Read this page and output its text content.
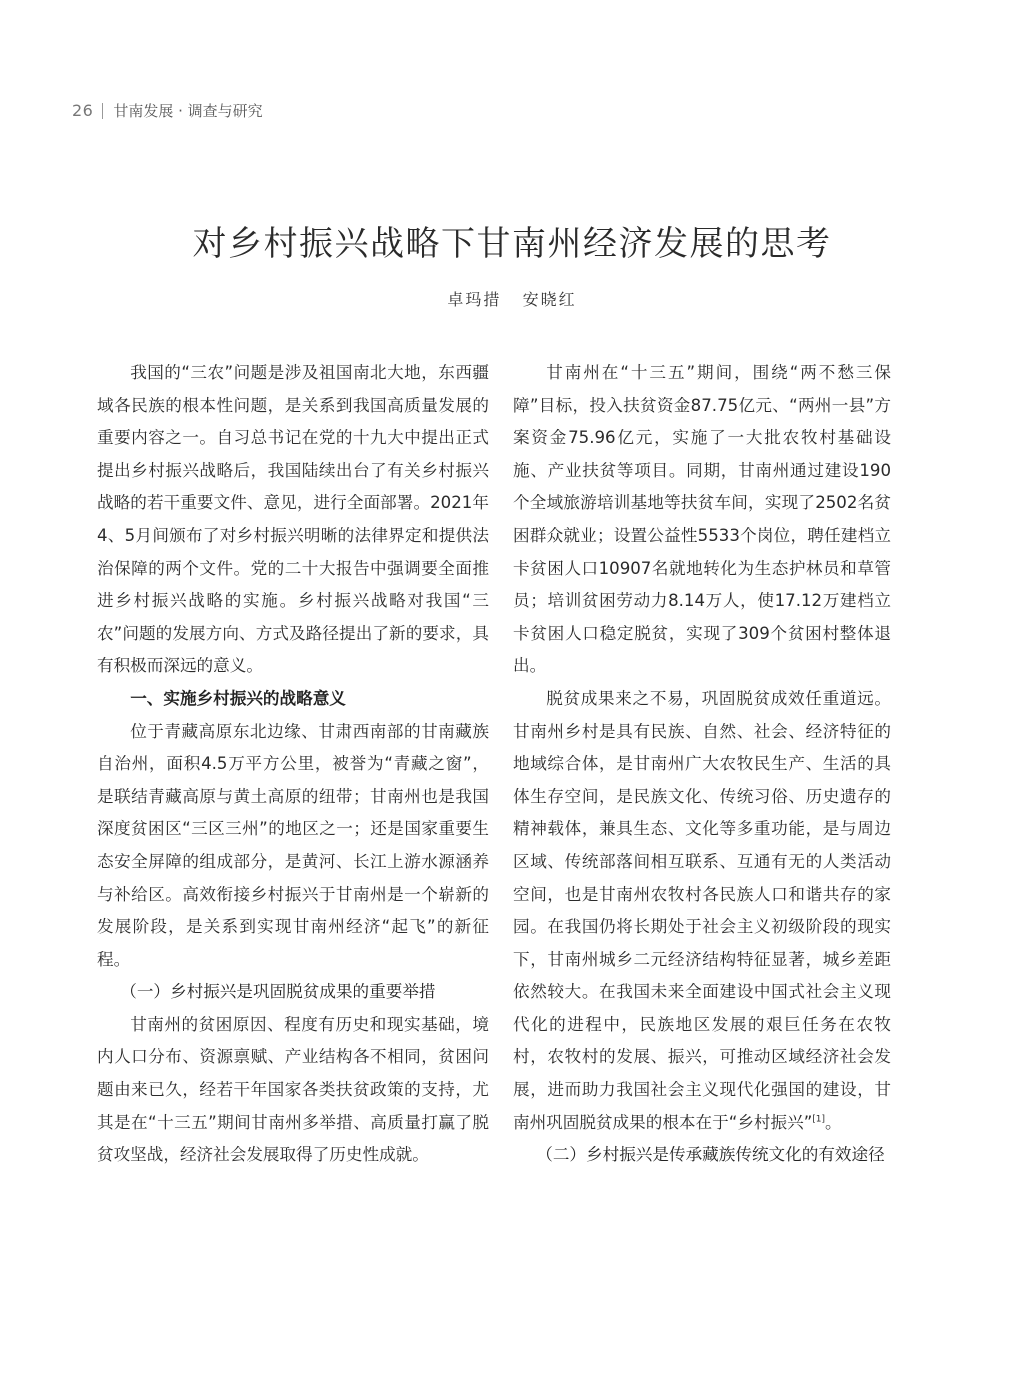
26 甘南发展 · 调查与研究
对乡村振兴战略下甘南州经济发展的思考
卓玛措   安晓红

我国的“三农”问题是涉及祖国南北大地，东西疆域各民族的根本性问题，是关系到我国高质量发展的重要内容之一。自习总书记在党的十九大中提出正式提出乡村振兴战略后，我国陆续出台了有关乡村振兴战略的若干重要文件、意见，进行全面部署。2021年4、5月间颁布了对乡村振兴明晰的法律界定和提供法治保障的两个文件。党的二十大报告中强调要全面推进乡村振兴战略的实施。乡村振兴战略对我国“三农”问题的发展方向、方式及路径提出了新的要求，具有积极而深远的意义。

一、实施乡村振兴的战略意义

位于青藏高原东北边缘、甘肃西南部的甘南藏族自治州，面积4.5万平方公里，被誉为“青藏之窗”，是联结青藏高原与黄土高原的纽带；甘南州也是我国深度贫困区“三区三州”的地区之一；还是国家重要生态安全屏障的组成部分，是黄河、长江上游水源涵养与补给区。高效衔接乡村振兴于甘南州是一个崭新的发展阶段，是关系到实现甘南州经济“起飞”的新征程。

（一）乡村振兴是巩固脱贫成果的重要举措

甘南州的贫困原因、程度有历史和现实基础，境内人口分布、资源禀赋、产业结构各不相同，贫困问题由来已久，经若干年国家各类扶贫政策的支持，尤其是在“十三五”期间甘南州多举措、高质量打赢了脱贫攻坚战，经济社会发展取得了历史性成就。

甘南州在“十三五”期间，围绕“两不愁三保障”目标，投入扶贫资金87.75亿元、“两州一县”方案资金75.96亿元，实施了一大批农牧村基础设施、产业扶贫等项目。同期，甘南州通过建设190个全域旅游培训基地等扶贫车间，实现了2502名贫困群众就业；设置公益性5533个岗位，聘任建档立卡贫困人口10907名就地转化为生态护林员和草管员；培训贫困劳动力8.14万人，使17.12万建档立卡贫困人口稳定脱贫，实现了309个贫困村整体退出。

脱贫成果来之不易，巩固脱贫成效任重道远。甘南州乡村是具有民族、自然、社会、经济特征的地域综合体，是甘南州广大农牧民生产、生活的具体生存空间，是民族文化、传统习俗、历史遗存的精神载体，兼具生态、文化等多重功能，是与周边区域、传统部落间相互联系、互通有无的人类活动空间，也是甘南州农牧村各民族人口和谐共存的家园。在我国仍将长期处于社会主义初级阶段的现实下，甘南州城乡二元经济结构特征显著，城乡差距依然较大。在我国未来全面建设中国式社会主义现代化的进程中，民族地区发展的艰巨任务在农牧村，农牧村的发展、振兴，可推动区域经济社会发展，进而助力我国社会主义现代化强国的建设，甘南州巩固脱贫成果的根本在于“乡村振兴”[1]。

（二）乡村振兴是传承藏族传统文化的有效途径
